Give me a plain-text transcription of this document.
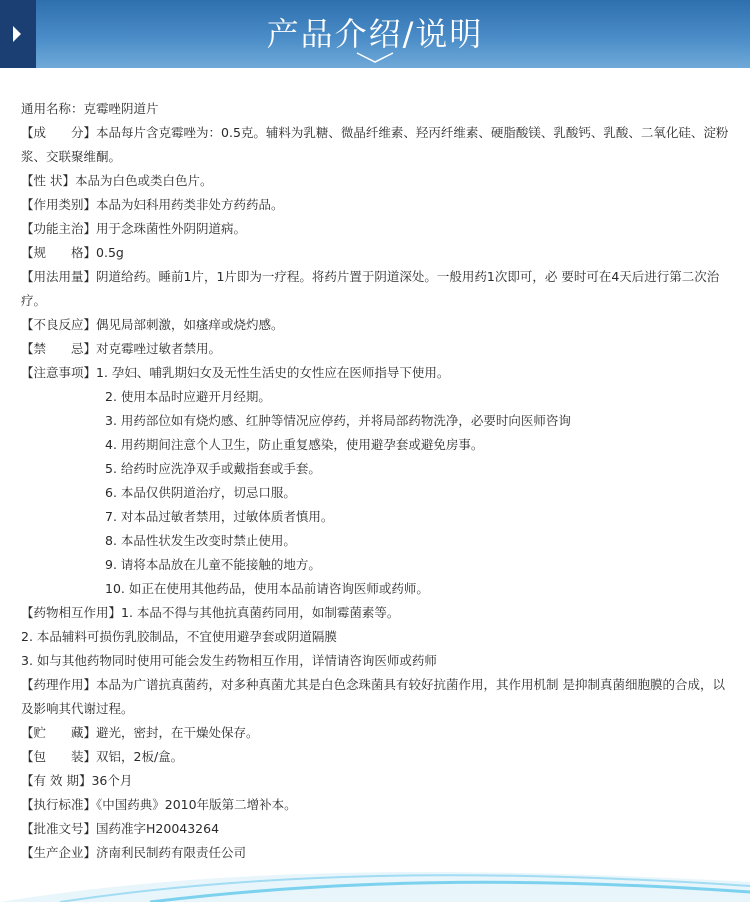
产品介绍/说明
通用名称：克霉唑阴道片
【成　　分】本品每片含克霉唑为：0.5克。辅料为乳糖、微晶纤维素、羟丙纤维素、硬脂酸镁、乳酸钙、乳酸、二氧化硅、淀粉浆、交联聚维酮。
【性 状】本品为白色或类白色片。
【作用类别】本品为妇科用药类非处方药药品。
【功能主治】用于念珠菌性外阴阴道病。
【规　　格】0.5g
【用法用量】阴道给药。睡前1片，1片即为一疗程。将药片置于阴道深处。一般用药1次即可，必 要时可在4天后进行第二次治疗。
【不良反应】偶见局部刺激，如瘙痒或烧灼感。
【禁　　忌】对克霉唑过敏者禁用。
【注意事项】1. 孕妇、哺乳期妇女及无性生活史的女性应在医师指导下使用。
2. 使用本品时应避开月经期。
3. 用药部位如有烧灼感、红肿等情况应停药，并将局部药物洗净，必要时向医师咨询
4. 用药期间注意个人卫生，防止重复感染，使用避孕套或避免房事。
5. 给药时应洗净双手或戴指套或手套。
6. 本品仅供阴道治疗，切忌口服。
7. 对本品过敏者禁用，过敏体质者慎用。
8. 本品性状发生改变时禁止使用。
9. 请将本品放在儿童不能接触的地方。
10. 如正在使用其他药品，使用本品前请咨询医师或药师。
【药物相互作用】1. 本品不得与其他抗真菌药同用，如制霉菌素等。
2. 本品辅料可损伤乳胶制品，不宜使用避孕套或阴道隔膜
3. 如与其他药物同时使用可能会发生药物相互作用，详情请咨询医师或药师
【药理作用】本品为广谱抗真菌药，对多种真菌尤其是白色念珠菌具有较好抗菌作用，其作用机制 是抑制真菌细胞膜的合成，以及影响其代谢过程。
【贮　　藏】避光，密封，在干燥处保存。
【包　　装】双铝，2板/盒。
【有 效 期】36个月
【执行标准】《中国药典》2010年版第二增补本。
【批准文号】国药准字H20043264
【生产企业】济南利民制药有限责任公司
